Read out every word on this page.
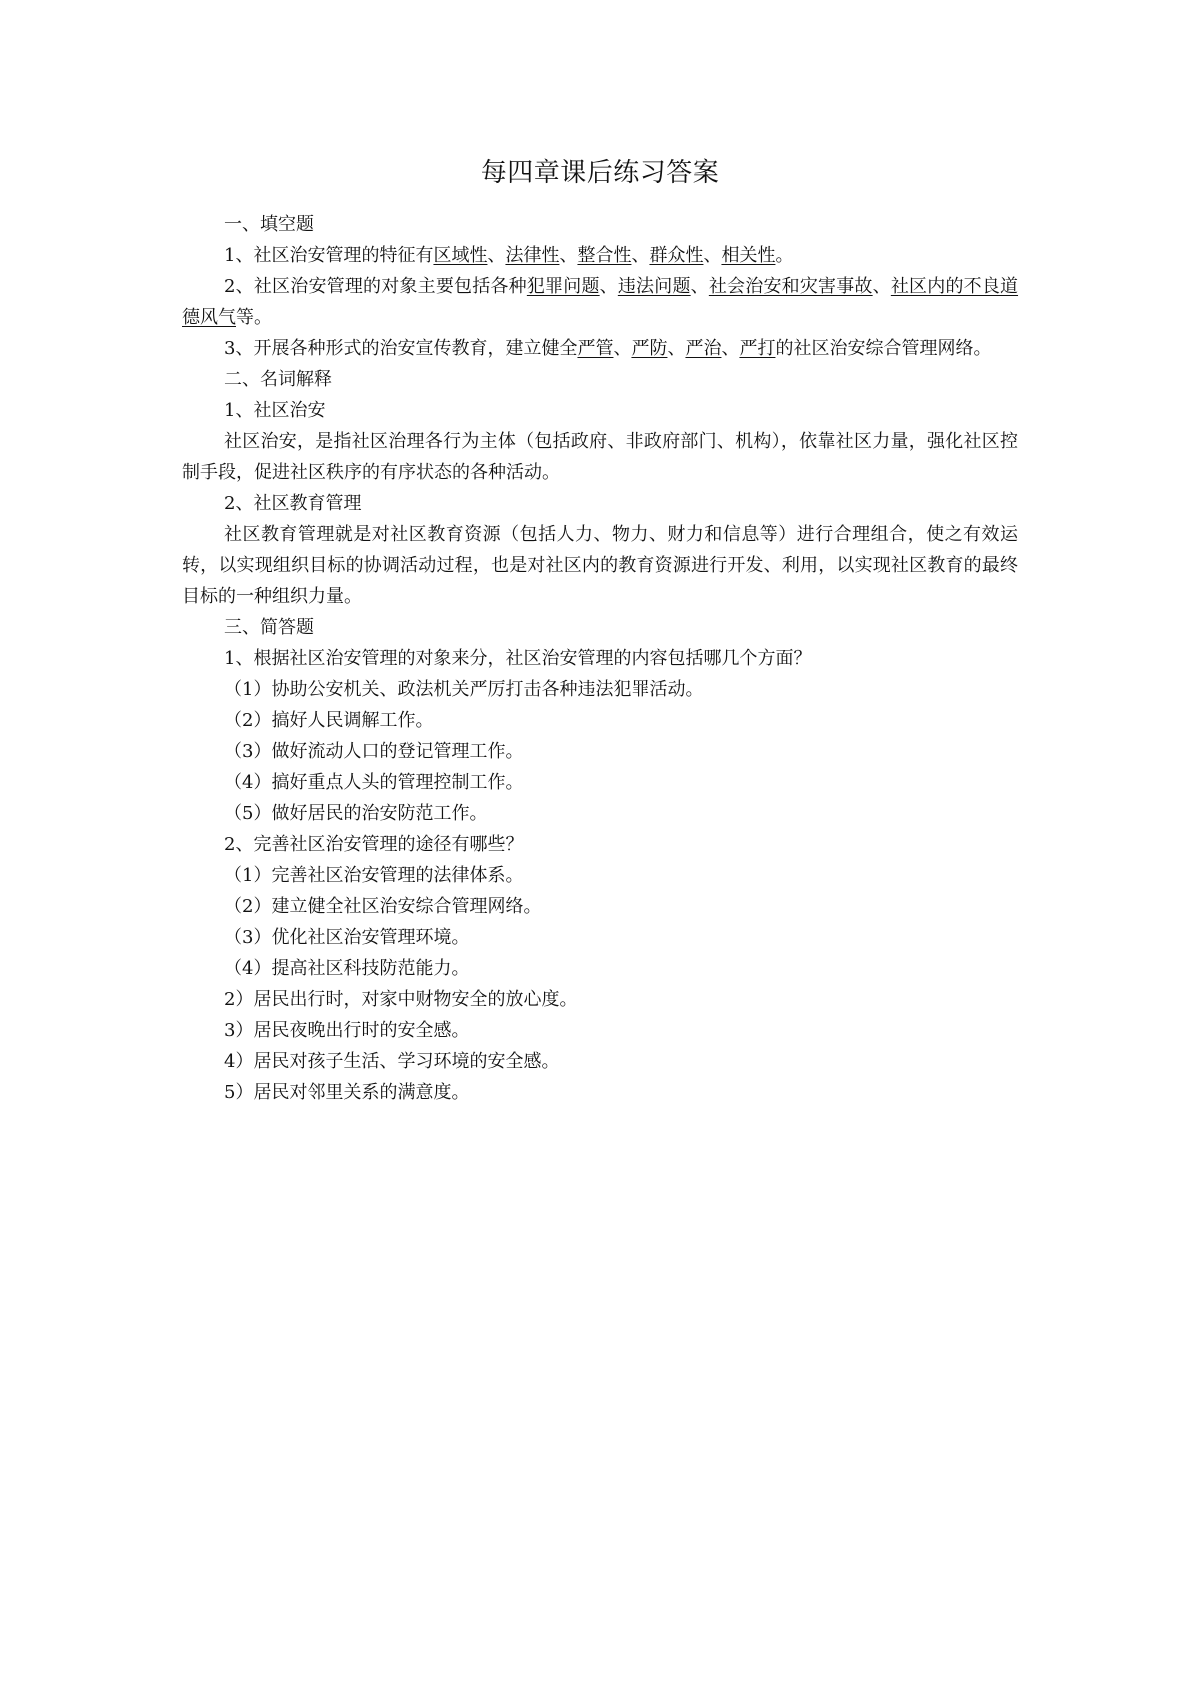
每四章课后练习答案

一、填空题

1、社区治安管理的特征有区域性、法律性、整合性、群众性、相关性。

2、社区治安管理的对象主要包括各种犯罪问题、违法问题、社会治安和灾害事故、社区内的不良道德风气等。

3、开展各种形式的治安宣传教育，建立健全严管、严防、严治、严打的社区治安综合管理网络。

二、名词解释

1、社区治安

社区治安，是指社区治理各行为主体（包括政府、非政府部门、机构），依靠社区力量，强化社区控制手段，促进社区秩序的有序状态的各种活动。

2、社区教育管理

社区教育管理就是对社区教育资源（包括人力、物力、财力和信息等）进行合理组合，使之有效运转，以实现组织目标的协调活动过程，也是对社区内的教育资源进行开发、利用，以实现社区教育的最终目标的一种组织力量。

三、简答题

1、根据社区治安管理的对象来分，社区治安管理的内容包括哪几个方面？

（1）协助公安机关、政法机关严厉打击各种违法犯罪活动。

（2）搞好人民调解工作。

（3）做好流动人口的登记管理工作。

（4）搞好重点人头的管理控制工作。

（5）做好居民的治安防范工作。

2、完善社区治安管理的途径有哪些？

（1）完善社区治安管理的法律体系。

（2）建立健全社区治安综合管理网络。

（3）优化社区治安管理环境。

（4）提高社区科技防范能力。

2）居民出行时，对家中财物安全的放心度。

3）居民夜晚出行时的安全感。

4）居民对孩子生活、学习环境的安全感。

5）居民对邻里关系的满意度。
